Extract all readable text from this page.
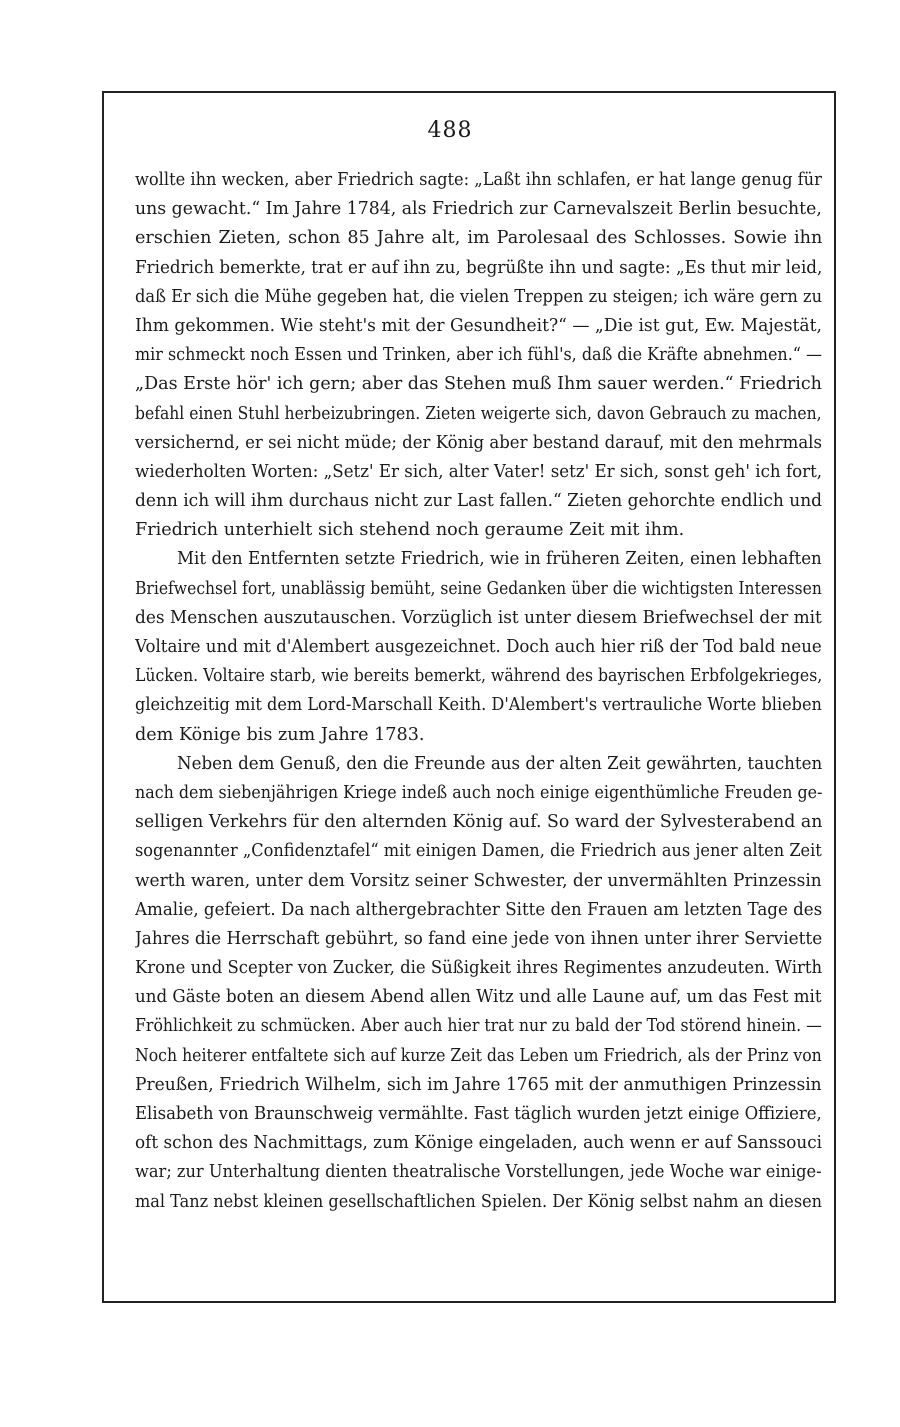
488
wollte ihn wecken, aber Friedrich sagte: „Laßt ihn schlafen, er hat lange genug für
uns gewacht.“ Im Jahre 1784, als Friedrich zur Carnevalszeit Berlin besuchte,
erschien Zieten, schon 85 Jahre alt, im Parolesaal des Schlosses. Sowie ihn
Friedrich bemerkte, trat er auf ihn zu, begrüßte ihn und sagte: „Es thut mir leid,
daß Er sich die Mühe gegeben hat, die vielen Treppen zu steigen; ich wäre gern zu
Ihm gekommen. Wie steht's mit der Gesundheit?“ — „Die ist gut, Ew. Majestät,
mir schmeckt noch Essen und Trinken, aber ich fühl's, daß die Kräfte abnehmen.“ —
„Das Erste hör' ich gern; aber das Stehen muß Ihm sauer werden.“ Friedrich
befahl einen Stuhl herbeizubringen. Zieten weigerte sich, davon Gebrauch zu machen,
versichernd, er sei nicht müde; der König aber bestand darauf, mit den mehrmals
wiederholten Worten: „Setz' Er sich, alter Vater! setz' Er sich, sonst geh' ich fort,
denn ich will ihm durchaus nicht zur Last fallen.“ Zieten gehorchte endlich und
Friedrich unterhielt sich stehend noch geraume Zeit mit ihm.
Mit den Entfernten setzte Friedrich, wie in früheren Zeiten, einen lebhaften
Briefwechsel fort, unablässig bemüht, seine Gedanken über die wichtigsten Interessen
des Menschen auszutauschen. Vorzüglich ist unter diesem Briefwechsel der mit
Voltaire und mit d'Alembert ausgezeichnet. Doch auch hier riß der Tod bald neue
Lücken. Voltaire starb, wie bereits bemerkt, während des bayrischen Erbfolgekrieges,
gleichzeitig mit dem Lord-Marschall Keith. D'Alembert's vertrauliche Worte blieben
dem Könige bis zum Jahre 1783.
Neben dem Genuß, den die Freunde aus der alten Zeit gewährten, tauchten
nach dem siebenjährigen Kriege indeß auch noch einige eigenthümliche Freuden ge-
selligen Verkehrs für den alternden König auf. So ward der Sylvesterabend an
sogenannter „Confidenztafel“ mit einigen Damen, die Friedrich aus jener alten Zeit
werth waren, unter dem Vorsitz seiner Schwester, der unvermählten Prinzessin
Amalie, gefeiert. Da nach althergebrachter Sitte den Frauen am letzten Tage des
Jahres die Herrschaft gebührt, so fand eine jede von ihnen unter ihrer Serviette
Krone und Scepter von Zucker, die Süßigkeit ihres Regimentes anzudeuten. Wirth
und Gäste boten an diesem Abend allen Witz und alle Laune auf, um das Fest mit
Fröhlichkeit zu schmücken. Aber auch hier trat nur zu bald der Tod störend hinein. —
Noch heiterer entfaltete sich auf kurze Zeit das Leben um Friedrich, als der Prinz von
Preußen, Friedrich Wilhelm, sich im Jahre 1765 mit der anmuthigen Prinzessin
Elisabeth von Braunschweig vermählte. Fast täglich wurden jetzt einige Offiziere,
oft schon des Nachmittags, zum Könige eingeladen, auch wenn er auf Sanssouci
war; zur Unterhaltung dienten theatralische Vorstellungen, jede Woche war einige-
mal Tanz nebst kleinen gesellschaftlichen Spielen. Der König selbst nahm an diesen
